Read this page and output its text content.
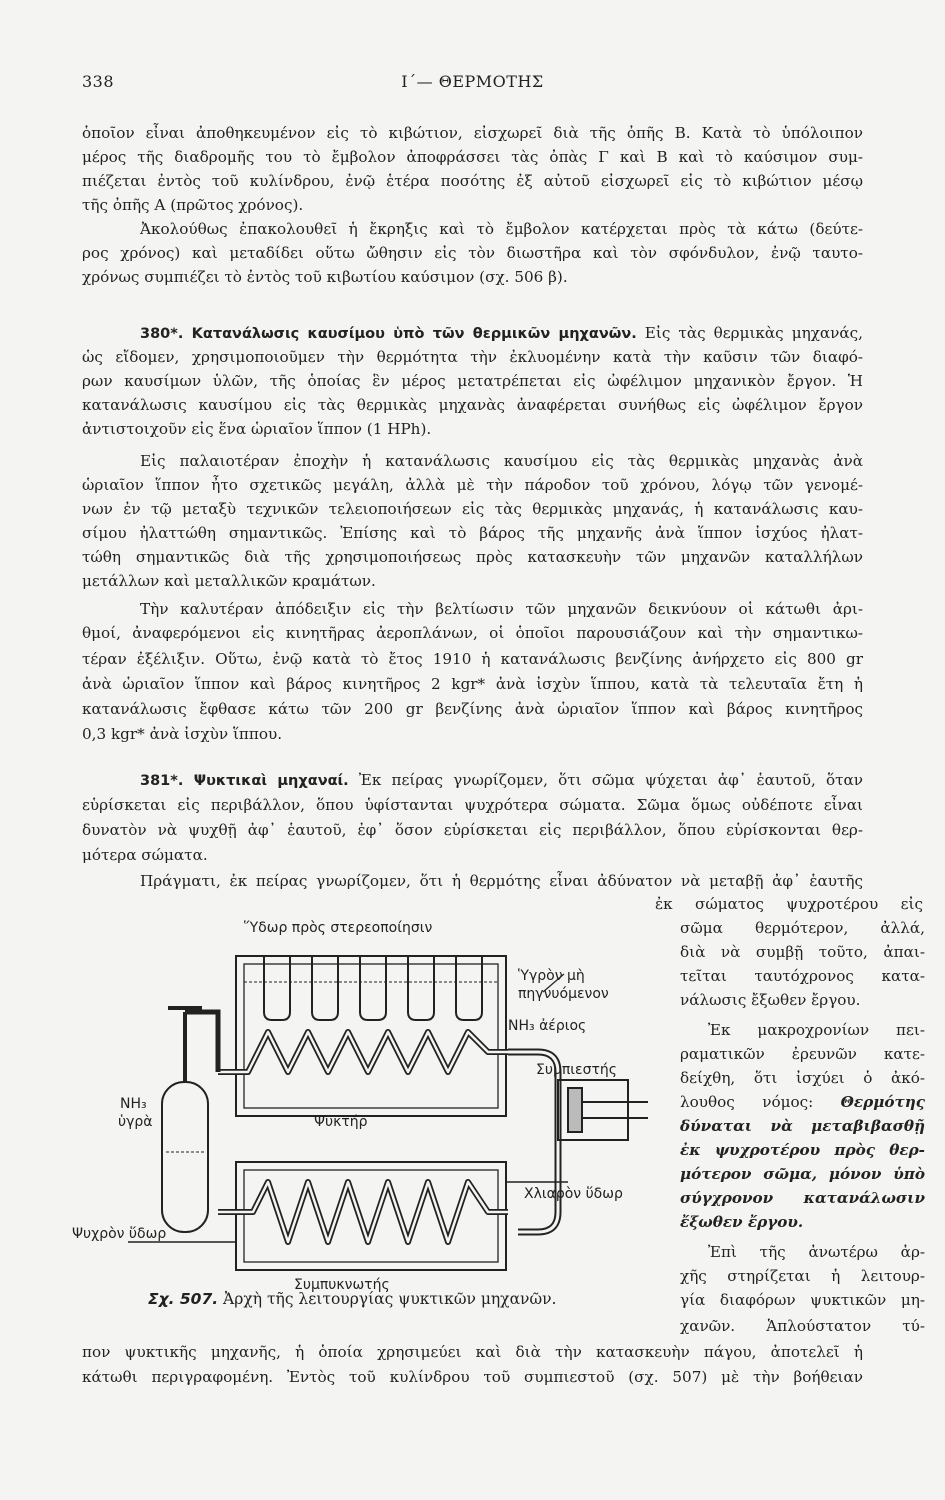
338	Ι΄— ΘΕΡΜΟΤΗΣ
ὁποῖον εἶναι ἀποθηκευμένον εἰς τὸ κιβώτιον, εἰσχωρεῖ διὰ τῆς ὀπῆς Β. Κατὰ τὸ ὑπόλοιπον
μέρος τῆς διαδρομῆς του τὸ ἔμβολον ἀποφράσσει τὰς ὀπὰς Γ καὶ Β καὶ τὸ καύσιμον συμ-
πιέζεται ἐντὸς τοῦ κυλίνδρου, ἐνῷ ἑτέρα ποσότης ἐξ αὐτοῦ εἰσχωρεῖ εἰς τὸ κιβώτιον μέσῳ
τῆς ὀπῆς Α (πρῶτος χρόνος).
Ἀκολούθως ἐπακολουθεῖ ἡ ἔκρηξις καὶ τὸ ἔμβολον κατέρχεται πρὸς τὰ κάτω (δεύτε-
ρος χρόνος) καὶ μεταδίδει οὕτω ὤθησιν εἰς τὸν διωστῆρα καὶ τὸν σφόνδυλον, ἐνῷ ταυτο-
χρόνως συμπιέζει τὸ ἐντὸς τοῦ κιβωτίου καύσιμον (σχ. 506 β).
380*. Κατανάλωσις καυσίμου ὑπὸ τῶν θερμικῶν μηχανῶν. Εἰς τὰς θερμικὰς μηχανάς,
ὡς εἴδομεν, χρησιμοποιοῦμεν τὴν θερμότητα τὴν ἐκλυομένην κατὰ τὴν καῦσιν τῶν διαφό-
ρων καυσίμων ὑλῶν, τῆς ὁποίας ἓν μέρος μετατρέπεται εἰς ὠφέλιμον μηχανικὸν ἔργον. Ἡ
κατανάλωσις καυσίμου εἰς τὰς θερμικὰς μηχανὰς ἀναφέρεται συνήθως εἰς ὠφέλιμον ἔργον
ἀντιστοιχοῦν εἰς ἕνα ὡριαῖον ἵππον (1 HPh).
Εἰς παλαιοτέραν ἐποχὴν ἡ κατανάλωσις καυσίμου εἰς τὰς θερμικὰς μηχανὰς ἀνὰ
ὡριαῖον ἵππον ἦτο σχετικῶς μεγάλη, ἀλλὰ μὲ τὴν πάροδον τοῦ χρόνου, λόγῳ τῶν γενομέ-
νων ἐν τῷ μεταξὺ τεχνικῶν τελειοποιήσεων εἰς τὰς θερμικὰς μηχανάς, ἡ κατανάλωσις καυ-
σίμου ἠλαττώθη σημαντικῶς. Ἐπίσης καὶ τὸ βάρος τῆς μηχανῆς ἀνὰ ἵππον ἰσχύος ἠλατ-
τώθη σημαντικῶς διὰ τῆς χρησιμοποιήσεως πρὸς κατασκευὴν τῶν μηχανῶν καταλλήλων
μετάλλων καὶ μεταλλικῶν κραμάτων.
Τὴν καλυτέραν ἀπόδειξιν εἰς τὴν βελτίωσιν τῶν μηχανῶν δεικνύουν οἱ κάτωθι ἀρι-
θμοί, ἀναφερόμενοι εἰς κινητῆρας ἀεροπλάνων, οἱ ὁποῖοι παρουσιάζουν καὶ τὴν σημαντικω-
τέραν ἐξέλιξιν. Οὕτω, ἐνῷ κατὰ τὸ ἔτος 1910 ἡ κατανάλωσις βενζίνης ἀνήρχετο εἰς 800 gr
ἀνὰ ὡριαῖον ἵππον καὶ βάρος κινητῆρος 2 kgr* ἀνὰ ἰσχὺν ἵππου, κατὰ τὰ τελευταῖα ἔτη ἡ
κατανάλωσις ἔφθασε κάτω τῶν 200 gr βενζίνης ἀνὰ ὡριαῖον ἵππον καὶ βάρος κινητῆρος
0,3 kgr* ἀνὰ ἰσχὺν ἵππου.
381*. Ψυκτικαὶ μηχαναί. Ἐκ πείρας γνωρίζομεν, ὅτι σῶμα ψύχεται ἀφ᾽ ἑαυτοῦ, ὅταν
εὑρίσκεται εἰς περιβάλλον, ὅπου ὑφίστανται ψυχρότερα σώματα. Σῶμα ὅμως οὐδέποτε εἶναι
δυνατὸν νὰ ψυχθῇ ἀφ᾽ ἑαυτοῦ, ἐφ᾽ ὅσον εὑρίσκεται εἰς περιβάλλον, ὅπου εὑρίσκονται θερ-
μότερα σώματα.
Πράγματι, ἐκ πείρας γνωρίζομεν, ὅτι ἡ θερμότης εἶναι ἀδύνατον νὰ μεταβῇ ἀφ᾽ ἑαυτῆς
ἐκ σώματος ψυχροτέρου εἰς
σῶμα θερμότερον, ἀλλά,
διὰ νὰ συμβῇ τοῦτο, ἀπαι-
τεῖται ταυτόχρονος κατα-
νάλωσις ἔξωθεν ἔργου.
Ἐκ μακροχρονίων πει-
ραματικῶν ἐρευνῶν κατε-
δείχθη, ὅτι ἰσχύει ὁ ἀκό-
λουθος νόμος: Θερμότης
δύναται νὰ μεταβιβασθῇ
ἐκ ψυχροτέρου πρὸς θερ-
μότερον σῶμα, μόνον ὑπὸ
σύγχρονον κατανάλωσιν
ἔξωθεν ἔργου.
Ἐπὶ τῆς ἀνωτέρω ἀρ-
χῆς στηρίζεται ἡ λειτουρ-
γία διαφόρων ψυκτικῶν μη-
χανῶν. Ἁπλούστατον τύ-
πον ψυκτικῆς μηχανῆς, ἡ ὁποία χρησιμεύει καὶ διὰ τὴν κατασκευὴν πάγου, ἀποτελεῖ ἡ
κάτωθι περιγραφομένη. Ἐντὸς τοῦ κυλίνδρου τοῦ συμπιεστοῦ (σχ. 507) μὲ τὴν βοήθειαν
Ὕδωρ πρὸς στερεοποίησιν
Ὑγρὸν μὴ
πηγνυόμενον
NH₃ ἀέριος
Συμπιεστής
Ψυκτήρ
NH₃
ὑγρὰ
Χλιαρὸν ὕδωρ
Ψυχρὸν ὕδωρ
Συμπυκνωτής
Σχ. 507. Ἀρχὴ τῆς λειτουργίας ψυκτικῶν μηχανῶν.
